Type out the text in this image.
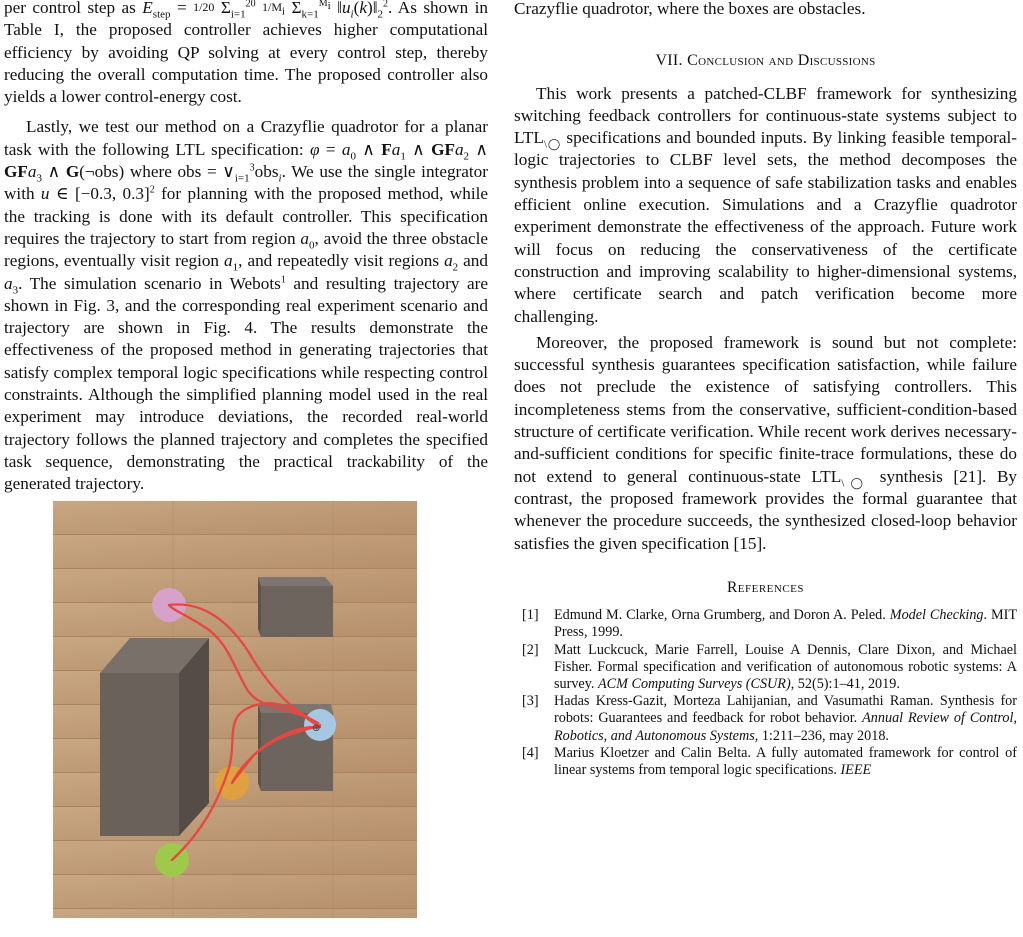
per control step as $E_{step} = 1/20$ $\Sigma_{i=1}^{20}$ $1/M_i$ $\Sigma_{k=1}^{M_i}$ $‖u_i(k)‖_2^2$. As shown in Table I, the proposed controller achieves higher computational efficiency by avoiding QP solving at every control step, thereby reducing the overall computation time. The proposed controller also yields a lower control-energy cost.

Lastly, we test our method on a Crazyflie quadrotor for a planar task with the following LTL specification: $\varphi = a_0$ ∧ $Fa_1$ ∧ GFa$_2$ ∧ GFa$_3$ ∧ G(¬obs) where obs = $\vee_{i=1}^3obs_i$. We use the single integrator with u ∈ [−0.3, 0.3]$^2$ for planning with the proposed method, while the tracking is done with its default controller. This specification requires the trajectory to start from region $a_0$, avoid the three obstacle regions, eventually visit region $a_1$, and repeatedly visit regions $a_2$ and $a_3$. The simulation scenario in Webots$^1$ and resulting trajectory are shown in Fig. 3, and the corresponding real experiment scenario and trajectory are shown in Fig. 4. The results demonstrate the effectiveness of the proposed method in generating trajectories that satisfy complex temporal logic specifications while respecting control constraints. Although the simplified planning model used in the real experiment may introduce deviations, the recorded real-world trajectory follows the planned trajectory and completes the specified task sequence, demonstrating the practical trackability of the generated trajectory.

⊛

Crazyflie quadrotor, where the boxes are obstacles.

VII. Conclusion and Discussions

This work presents a patched-CLBF framework for synthesizing switching feedback controllers for continuous-state systems subject to $LTL_{\backslash◯}$ specifications and bounded inputs. By linking feasible temporal-logic trajectories to CLBF level sets, the method decomposes the synthesis problem into a sequence of safe stabilization tasks and enables efficient online execution. Simulations and a Crazyflie quadrotor experiment demonstrate the effectiveness of the approach. Future work will focus on reducing the conservativeness of the certificate construction and improving scalability to higher-dimensional systems, where certificate search and patch verification become more challenging.

Moreover, the proposed framework is sound but not complete: successful synthesis guarantees specification satisfaction, while failure does not preclude the existence of satisfying controllers. This incompleteness stems from the conservative, sufficient-condition-based structure of certificate verification. While recent work derives necessary-and-sufficient conditions for specific finite-trace formulations, these do not extend to general continuous-state $LTL_{\backslash◯}$ synthesis [21]. By contrast, the proposed framework provides the formal guarantee that whenever the procedure succeeds, the synthesized closed-loop behavior satisfies the given specification [15].

References

[1] Edmund M. Clarke, Orna Grumberg, and Doron A. Peled. Model Checking. MIT Press, 1999.
[2] Matt Luckcuck, Marie Farrell, Louise A Dennis, Clare Dixon, and Michael Fisher. Formal specification and verification of autonomous robotic systems: A survey. ACM Computing Surveys (CSUR), 52(5):1–41, 2019.
[3] Hadas Kress-Gazit, Morteza Lahijanian, and Vasumathi Raman. Synthesis for robots: Guarantees and feedback for robot behavior. Annual Review of Control, Robotics, and Autonomous Systems, 1:211–236, may 2018.
[4] Marius Kloetzer and Calin Belta. A fully automated framework for control of linear systems from temporal logic specifications. IEEE
